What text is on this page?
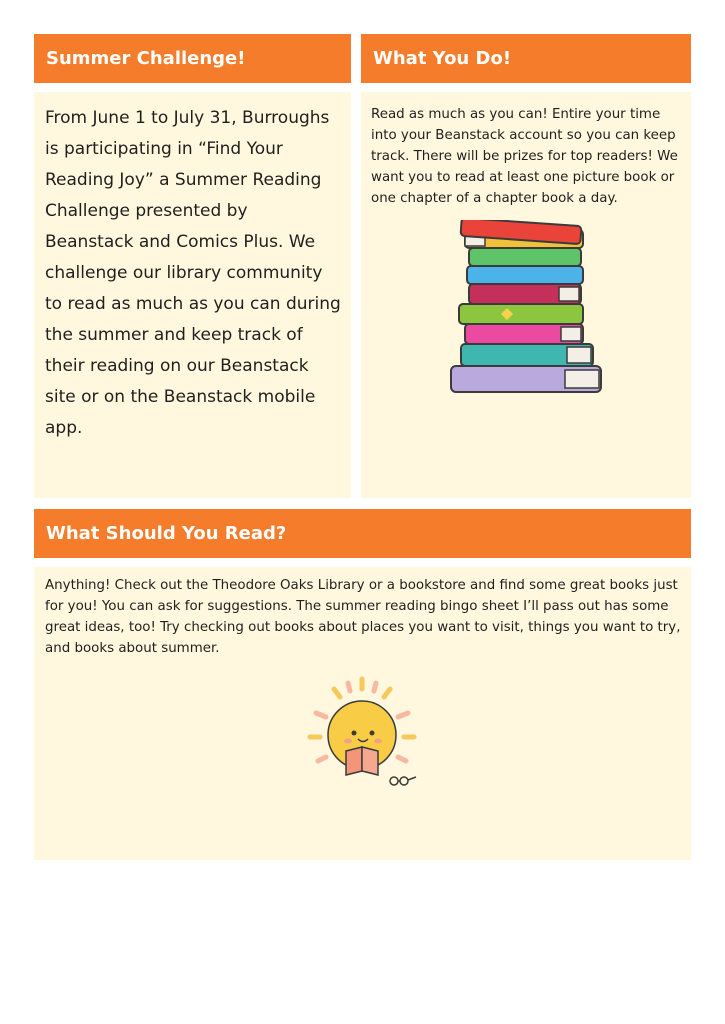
Summer Challenge!	What You Do!

From June 1 to July 31, Burroughs is participating in “Find Your Reading Joy” a Summer Reading Challenge presented by Beanstack and Comics Plus. We challenge our library community to read as much as you can during the summer and keep track of their reading on our Beanstack site or on the Beanstack mobile app.

Read as much as you can! Entire your time into your Beanstack account so you can keep track. There will be prizes for top readers! We want you to read at least one picture book or one chapter of a chapter book a day.

What Should You Read?

Anything! Check out the Theodore Oaks Library or a bookstore and find some great books just for you! You can ask for suggestions. The summer reading bingo sheet I’ll pass out has some great ideas, too! Try checking out books about places you want to visit, things you want to try, and books about summer.
